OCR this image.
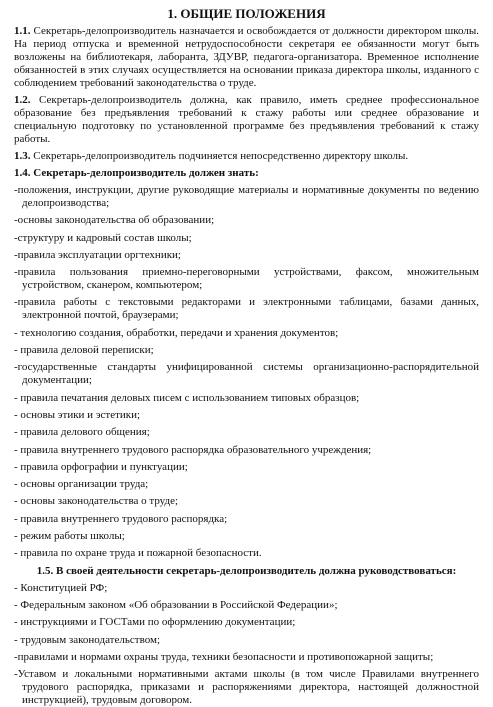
1. ОБЩИЕ ПОЛОЖЕНИЯ

1.1. Секретарь-делопроизводитель назначается и освобождается от должности директором школы. На период отпуска и временной нетрудоспособности секретаря ее обязанности могут быть возложены на библиотекаря, лаборанта, ЗДУВР, педагога-организатора. Временное исполнение обязанностей в этих случаях осуществляется на основании приказа директора школы, изданного с соблюдением требований законодательства о труде.

1.2. Секретарь-делопроизводитель должна, как правило, иметь среднее профессиональное образование без предъявления требований к стажу работы или среднее образование и специальную подготовку по установленной программе без предъявления требований к стажу работы.

1.3. Секретарь-делопроизводитель подчиняется непосредственно директору школы.

1.4. Секретарь-делопроизводитель должен знать:
-положения, инструкции, другие руководящие материалы и нормативные документы по ведению делопроизводства;
-основы законодательства об образовании;
-структуру и кадровый состав школы;
-правила эксплуатации оргтехники;
-правила пользования приемно-переговорными устройствами, факсом, множительным устройством, сканером, компьютером;
-правила работы с текстовыми редакторами и электронными таблицами, базами данных, электронной почтой, браузерами;
- технологию создания, обработки, передачи и хранения документов;
- правила деловой переписки;
-государственные стандарты унифицированной системы организационно-распорядительной документации;
- правила печатания деловых писем с использованием типовых образцов;
- основы этики и эстетики;
- правила делового общения;
- правила внутреннего трудового распорядка образовательного учреждения;
- правила орфографии и пунктуации;
- основы организации труда;
- основы законодательства о труде;
- правила внутреннего трудового распорядка;
- режим работы школы;
- правила по охране труда и пожарной безопасности.
1.5. В своей деятельности секретарь-делопроизводитель должна руководствоваться:
- Конституцией РФ;
- Федеральным законом «Об образовании в Российской Федерации»;
- инструкциями и ГОСТами по оформлению документации;
- трудовым законодательством;
-правилами и нормами охраны труда, техники безопасности и противопожарной защиты;
-Уставом и локальными нормативными актами школы (в том числе Правилами внутреннего трудового распорядка, приказами и распоряжениями директора, настоящей должностной инструкцией), трудовым договором.
